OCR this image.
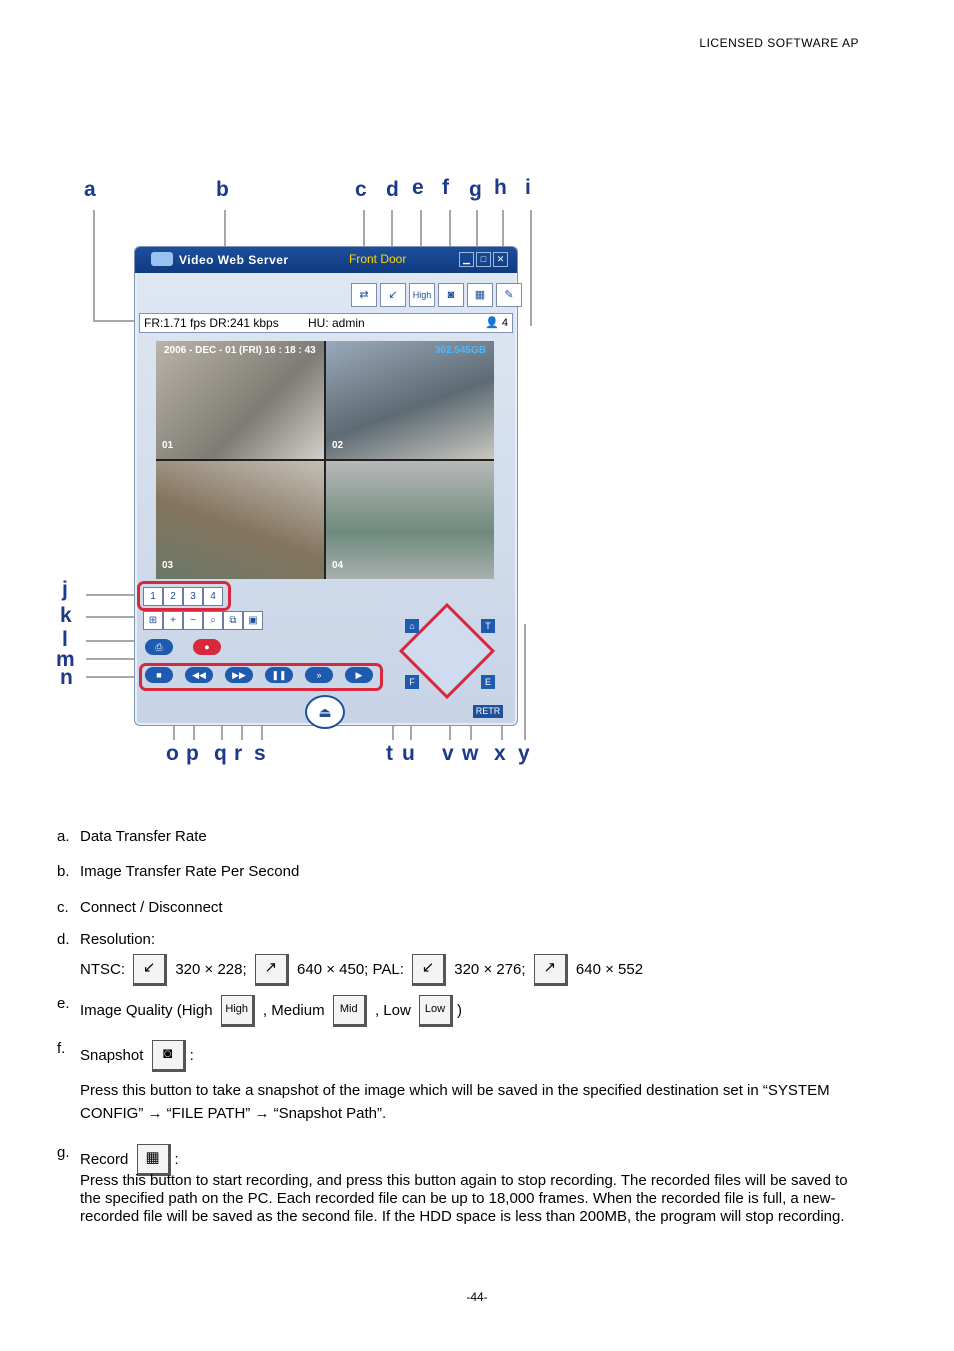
LICENSED SOFTWARE AP
a	b	c d e f g h i
j
k
l
m
n
o p q r s	t u v w x y
Video Web Server	Front Door	▁	□	✕
⇄	↙	High	◙	▦	✎
FR:1.71 fps DR:241 kbps HU: admin	👤 4
2006 - DEC - 01 (FRI) 16 : 18 : 43	302.545GB
01	02
03	04
1	2	3	4
⊞	+	−	⌕	⧉	▣
⎙	●
■	◀◀	▶▶	❚❚	»	▶
⌂	T
F	E
RETR
⏏
a. Data Transfer Rate
b. Image Transfer Rate Per Second
c. Connect / Disconnect
d. Resolution:
NTSC: ↙ 320 × 228; ↗ 640 × 450; PAL: ↙ 320 × 276; ↗ 640 × 552
e. Image Quality (High High , Medium Mid , Low Low )
f. Snapshot ◙ :
Press this button to take a snapshot of the image which will be saved in the specified destination set in “SYSTEM CONFIG” → “FILE PATH” → “Snapshot Path”.
g. Record ▦ :
Press this button to start recording, and press this button again to stop recording. The recorded files will be saved to the specified path on the PC. Each recorded file can be up to 18,000 frames. When the recorded file is full, a new-recorded file will be saved as the second file. If the HDD space is less than 200MB, the program will stop recording.
-44-
